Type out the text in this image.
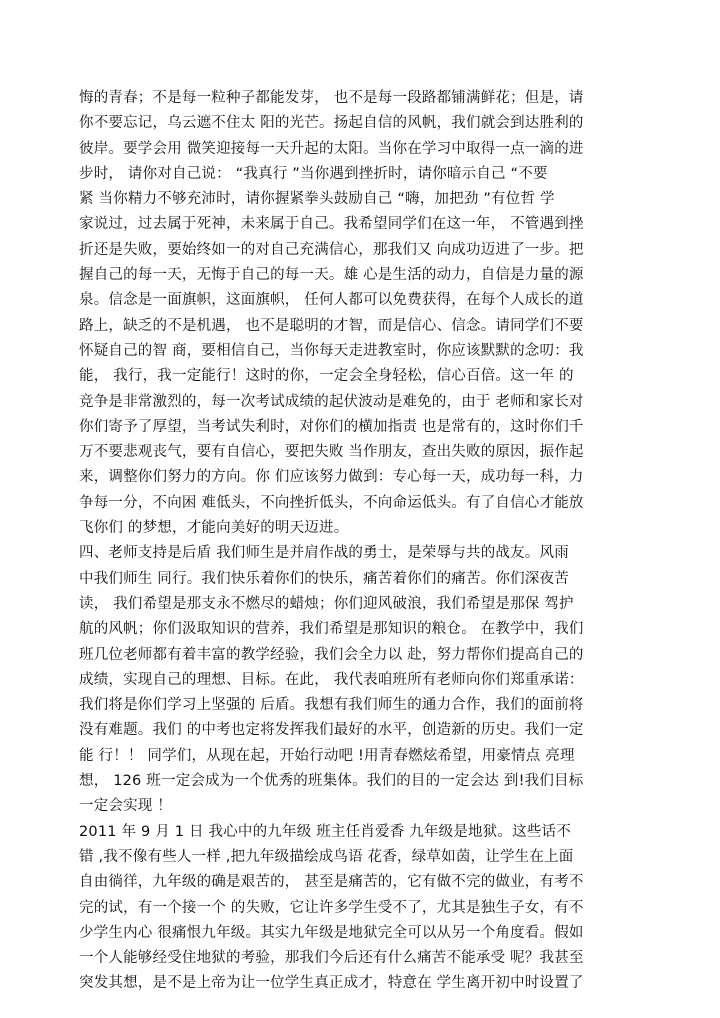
悔的青春；不是每一粒种子都能发芽， 也不是每一段路都铺满鲜花；但是，请
你不要忘记，乌云遮不住太 阳的光芒。扬起自信的风帆，我们就会到达胜利的
彼岸。要学会用 微笑迎接每一天升起的太阳。当你在学习中取得一点一滴的进
步时， 请你对自己说： “我真行 ”当你遇到挫折时，请你暗示自己 “不要
紧 当你精力不够充沛时，请你握紧拳头鼓励自己 “嗨，加把劲 ”有位哲 学
家说过，过去属于死神，未来属于自己。我希望同学们在这一年， 不管遇到挫
折还是失败，要始终如一的对自己充满信心，那我们又 向成功迈进了一步。把
握自己的每一天，无悔于自己的每一天。雄 心是生活的动力，自信是力量的源
泉。信念是一面旗帜，这面旗帜， 任何人都可以免费获得，在每个人成长的道
路上，缺乏的不是机遇， 也不是聪明的才智，而是信心、信念。请同学们不要
怀疑自己的智 商，要相信自己，当你每天走进教室时，你应该默默的念叨：我
能， 我行，我一定能行！这时的你，一定会全身轻松，信心百倍。这一年 的
竞争是非常激烈的，每一次考试成绩的起伏波动是难免的，由于 老师和家长对
你们寄予了厚望，当考试失利时，对你们的横加指责 也是常有的，这时你们千
万不要悲观丧气，要有自信心，要把失败 当作朋友，查出失败的原因，振作起
来，调整你们努力的方向。你 们应该努力做到：专心每一天，成功每一科，力
争每一分，不向困 难低头，不向挫折低头，不向命运低头。有了自信心才能放
飞你们 的梦想，才能向美好的明天迈进。
四、老师支持是后盾 我们师生是并肩作战的勇士，是荣辱与共的战友。风雨
中我们师生 同行。我们快乐着你们的快乐，痛苦着你们的痛苦。你们深夜苦
读， 我们希望是那支永不燃尽的蜡烛；你们迎风破浪，我们希望是那保 驾护
航的风帆；你们汲取知识的营养，我们希望是那知识的粮仓。 在教学中，我们
班几位老师都有着丰富的教学经验，我们会全力以 赴，努力帮你们提高自己的
成绩，实现自己的理想、目标。在此， 我代表咱班所有老师向你们郑重承诺：
我们将是你们学习上坚强的 后盾。我想有我们师生的通力合作，我们的面前将
没有难题。我们 的中考也定将发挥我们最好的水平，创造新的历史。我们一定
能 行！！ 同学们，从现在起，开始行动吧 !用青春燃炫希望，用豪情点 亮理
想， 126 班一定会成为一个优秀的班集体。我们的目的一定会达 到!我们目标
一定会实现 ！
2011 年 9 月 1 日 我心中的九年级 班主任肖爱香 九年级是地狱。这些话不
错 ,我不像有些人一样 ,把九年级描绘成鸟语 花香，绿草如茵，让学生在上面
自由徜徉，九年级的确是艰苦的， 甚至是痛苦的，它有做不完的做业，有考不
完的试，有一个接一个 的失败，它让许多学生受不了，尤其是独生子女，有不
少学生内心 很痛恨九年级。其实九年级是地狱完全可以从另一个角度看。假如
一个人能够经受住地狱的考验，那我们今后还有什么痛苦不能承受 呢？我甚至
突发其想，是不是上帝为让一位学生真正成才，特意在 学生离开初中时设置了
